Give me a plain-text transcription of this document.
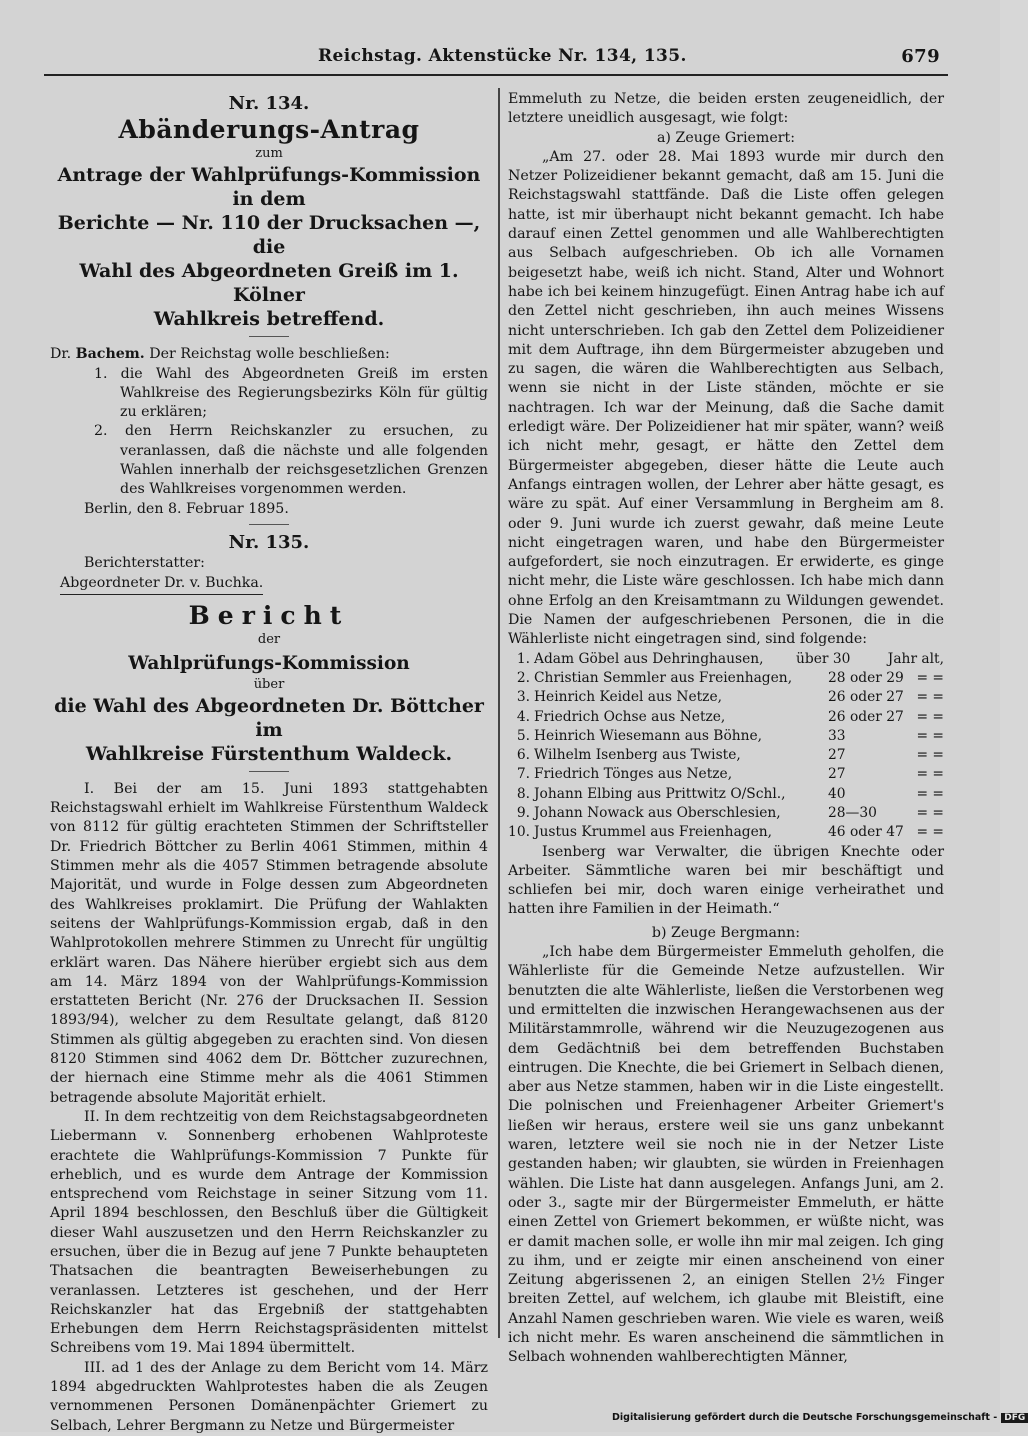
Reichstag. Aktenstücke Nr. 134, 135.	679
Nr. 134.
Abänderungs-Antrag
zum
Antrage der Wahlprüfungs-Kommission in dem
Berichte — Nr. 110 der Drucksachen —, die
Wahl des Abgeordneten Greiß im 1. Kölner
Wahlkreis betreffend.

Dr. Bachem. Der Reichstag wolle beschließen:

1. die Wahl des Abgeordneten Greiß im ersten Wahlkreise des Regierungsbezirks Köln für gültig zu erklären;

2. den Herrn Reichskanzler zu ersuchen, zu veranlassen, daß die nächste und alle folgenden Wahlen innerhalb der reichsgesetzlichen Grenzen des Wahlkreises vorgenommen werden.

Berlin, den 8. Februar 1895.

Nr. 135.

Berichterstatter:

Abgeordneter Dr. v. Buchka.

Bericht
der
Wahlprüfungs-Kommission
über
die Wahl des Abgeordneten Dr. Böttcher im
Wahlkreise Fürstenthum Waldeck.

I. Bei der am 15. Juni 1893 stattgehabten Reichstagswahl erhielt im Wahlkreise Fürstenthum Waldeck von 8112 für gültig erachteten Stimmen der Schriftsteller Dr. Friedrich Böttcher zu Berlin 4061 Stimmen, mithin 4 Stimmen mehr als die 4057 Stimmen betragende absolute Majorität, und wurde in Folge dessen zum Abgeordneten des Wahlkreises proklamirt. Die Prüfung der Wahlakten seitens der Wahlprüfungs-Kommission ergab, daß in den Wahlprotokollen mehrere Stimmen zu Unrecht für ungültig erklärt waren. Das Nähere hierüber ergiebt sich aus dem am 14. März 1894 von der Wahlprüfungs-Kommission erstatteten Bericht (Nr. 276 der Drucksachen II. Session 1893/94), welcher zu dem Resultate gelangt, daß 8120 Stimmen als gültig abgegeben zu erachten sind. Von diesen 8120 Stimmen sind 4062 dem Dr. Böttcher zuzurechnen, der hiernach eine Stimme mehr als die 4061 Stimmen betragende absolute Majorität erhielt.

II. In dem rechtzeitig von dem Reichstagsabgeordneten Liebermann v. Sonnenberg erhobenen Wahlproteste erachtete die Wahlprüfungs-Kommission 7 Punkte für erheblich, und es wurde dem Antrage der Kommission entsprechend vom Reichstage in seiner Sitzung vom 11. April 1894 beschlossen, den Beschluß über die Gültigkeit dieser Wahl auszusetzen und den Herrn Reichskanzler zu ersuchen, über die in Bezug auf jene 7 Punkte behaupteten Thatsachen die beantragten Beweiserhebungen zu veranlassen. Letzteres ist geschehen, und der Herr Reichskanzler hat das Ergebniß der stattgehabten Erhebungen dem Herrn Reichstagspräsidenten mittelst Schreibens vom 19. Mai 1894 übermittelt.

III. ad 1 des der Anlage zu dem Bericht vom 14. März 1894 abgedruckten Wahlprotestes haben die als Zeugen vernommenen Personen Domänenpächter Griemert zu Selbach, Lehrer Bergmann zu Netze und Bürgermeister

Emmeluth zu Netze, die beiden ersten zeugeneidlich, der letztere uneidlich ausgesagt, wie folgt:

a) Zeuge Griemert:

„Am 27. oder 28. Mai 1893 wurde mir durch den Netzer Polizeidiener bekannt gemacht, daß am 15. Juni die Reichstagswahl stattfände. Daß die Liste offen gelegen hatte, ist mir überhaupt nicht bekannt gemacht. Ich habe darauf einen Zettel genommen und alle Wahlberechtigten aus Selbach aufgeschrieben. Ob ich alle Vornamen beigesetzt habe, weiß ich nicht. Stand, Alter und Wohnort habe ich bei keinem hinzugefügt. Einen Antrag habe ich auf den Zettel nicht geschrieben, ihn auch meines Wissens nicht unterschrieben. Ich gab den Zettel dem Polizeidiener mit dem Auftrage, ihn dem Bürgermeister abzugeben und zu sagen, die wären die Wahlberechtigten aus Selbach, wenn sie nicht in der Liste ständen, möchte er sie nachtragen. Ich war der Meinung, daß die Sache damit erledigt wäre. Der Polizeidiener hat mir später, wann? weiß ich nicht mehr, gesagt, er hätte den Zettel dem Bürgermeister abgegeben, dieser hätte die Leute auch Anfangs eintragen wollen, der Lehrer aber hätte gesagt, es wäre zu spät. Auf einer Versammlung in Bergheim am 8. oder 9. Juni wurde ich zuerst gewahr, daß meine Leute nicht eingetragen waren, und habe den Bürgermeister aufgefordert, sie noch einzutragen. Er erwiderte, es ginge nicht mehr, die Liste wäre geschlossen. Ich habe mich dann ohne Erfolg an den Kreisamtmann zu Wildungen gewendet. Die Namen der aufgeschriebenen Personen, die in die Wählerliste nicht eingetragen sind, sind folgende:

1. Adam Göbel aus Dehringhausen,	über 30	Jahr alt,
2. Christian Semmler aus Freienhagen,	28 oder 29 = =
3. Heinrich Keidel aus Netze,	26 oder 27 = =
4. Friedrich Ochse aus Netze,	26 oder 27 = =
5. Heinrich Wiesemann aus Böhne,	33	= =
6. Wilhelm Isenberg aus Twiste,	27	= =
7. Friedrich Tönges aus Netze,	27	= =
8. Johann Elbing aus Prittwitz O/Schl.,	40	= =
9. Johann Nowack aus Oberschlesien,	28—30	= =
10. Justus Krummel aus Freienhagen,	46 oder 47 = =

Isenberg war Verwalter, die übrigen Knechte oder Arbeiter. Sämmtliche waren bei mir beschäftigt und schliefen bei mir, doch waren einige verheirathet und hatten ihre Familien in der Heimath.“

b) Zeuge Bergmann:

„Ich habe dem Bürgermeister Emmeluth geholfen, die Wählerliste für die Gemeinde Netze aufzustellen. Wir benutzten die alte Wählerliste, ließen die Verstorbenen weg und ermittelten die inzwischen Herangewachsenen aus der Militärstammrolle, während wir die Neuzugezogenen aus dem Gedächtniß bei dem betreffenden Buchstaben eintrugen. Die Knechte, die bei Griemert in Selbach dienen, aber aus Netze stammen, haben wir in die Liste eingestellt. Die polnischen und Freienhagener Arbeiter Griemert's ließen wir heraus, erstere weil sie uns ganz unbekannt waren, letztere weil sie noch nie in der Netzer Liste gestanden haben; wir glaubten, sie würden in Freienhagen wählen. Die Liste hat dann ausgelegen. Anfangs Juni, am 2. oder 3., sagte mir der Bürgermeister Emmeluth, er hätte einen Zettel von Griemert bekommen, er wüßte nicht, was er damit machen solle, er wolle ihn mir mal zeigen. Ich ging zu ihm, und er zeigte mir einen anscheinend von einer Zeitung abgerissenen 2, an einigen Stellen 2½ Finger breiten Zettel, auf welchem, ich glaube mit Bleistift, eine Anzahl Namen geschrieben waren. Wie viele es waren, weiß ich nicht mehr. Es waren anscheinend die sämmtlichen in Selbach wohnenden wahlberechtigten Männer,

Digitalisierung gefördert durch die Deutsche Forschungsgemeinschaft - DFG
